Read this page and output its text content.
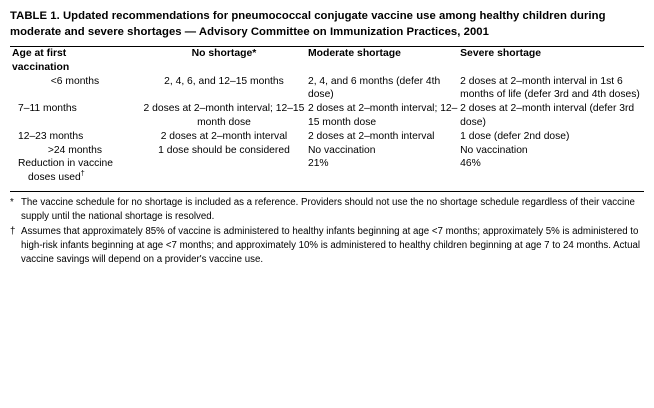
TABLE 1. Updated recommendations for pneumococcal conjugate vaccine use among healthy children during moderate and severe shortages — Advisory Committee on Immunization Practices, 2001
Age at first
vaccination	No shortage*	Moderate shortage	Severe shortage
<6 months	2, 4, 6, and 12–15 months	2, 4, and 6 months (defer 4th dose)	2 doses at 2–month interval in 1st 6 months of life (defer 3rd and 4th doses)
7–11 months	2 doses at 2–month interval; 12–15 month dose	2 doses at 2–month interval; 12–15 month dose	2 doses at 2–month interval (defer 3rd dose)
12–23 months	2 doses at 2–month interval	2 doses at 2–month interval	1 dose (defer 2nd dose)
>24 months	1 dose should be considered	No vaccination	No vaccination
Reduction in vaccine
doses used†		21%	46%
* The vaccine schedule for no shortage is included as a reference. Providers should not use the no shortage schedule regardless of their vaccine supply until the national shortage is resolved.
† Assumes that approximately 85% of vaccine is administered to healthy infants beginning at age <7 months; approximately 5% is administered to high-risk infants beginning at age <7 months; and approximately 10% is administered to healthy children beginning at age 7 to 24 months. Actual vaccine savings will depend on a provider's vaccine use.
